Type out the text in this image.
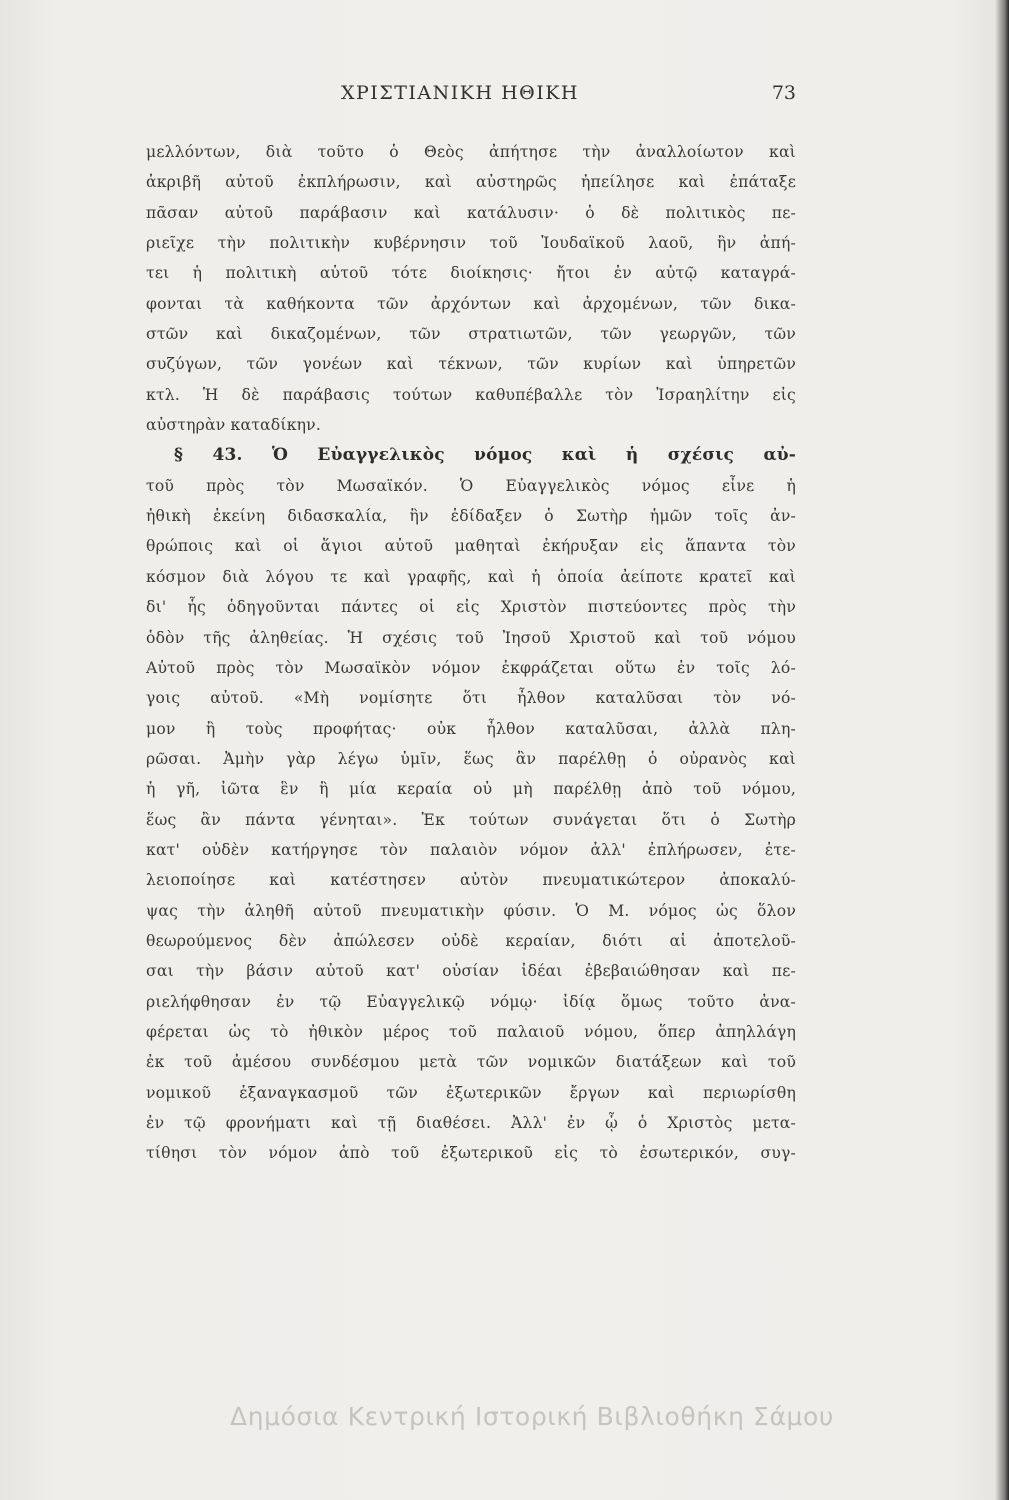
ΧΡΙΣΤΙΑΝΙΚΗ ΗΘΙΚΗ	73
μελλόντων, διὰ τοῦτο ὁ Θεὸς ἀπήτησε τὴν ἀναλλοίωτον καὶ
ἀκριβῆ αὐτοῦ ἐκπλήρωσιν, καὶ αὐστηρῶς ἠπείλησε καὶ ἐπάταξε
πᾶσαν αὐτοῦ παράβασιν καὶ κατάλυσιν· ὁ δὲ πολιτικὸς πε-
ριεῖχε τὴν πολιτικὴν κυβέρνησιν τοῦ Ἰουδαϊκοῦ λαοῦ, ἣν ἀπή-
τει ἡ πολιτικὴ αὐτοῦ τότε διοίκησις· ἤτοι ἐν αὐτῷ καταγρά-
φονται τὰ καθήκοντα τῶν ἀρχόντων καὶ ἀρχομένων, τῶν δικα-
στῶν καὶ δικαζομένων, τῶν στρατιωτῶν, τῶν γεωργῶν, τῶν
συζύγων, τῶν γονέων καὶ τέκνων, τῶν κυρίων καὶ ὑπηρετῶν
κτλ. Ἡ δὲ παράβασις τούτων καθυπέβαλλε τὸν Ἰσραηλίτην εἰς
αὐστηρὰν καταδίκην.
§ 43. Ὁ Εὐαγγελικὸς νόμος καὶ ἡ σχέσις αὐ-
τοῦ πρὸς τὸν Μωσαϊκόν. Ὁ Εὐαγγελικὸς νόμος εἶνε ἡ
ἠθικὴ ἐκείνη διδασκαλία, ἣν ἐδίδαξεν ὁ Σωτὴρ ἡμῶν τοῖς ἀν-
θρώποις καὶ οἱ ἅγιοι αὐτοῦ μαθηταὶ ἐκήρυξαν εἰς ἅπαντα τὸν
κόσμον διὰ λόγου τε καὶ γραφῆς, καὶ ἡ ὁποία ἀείποτε κρατεῖ καὶ
δι' ἧς ὁδηγοῦνται πάντες οἱ εἰς Χριστὸν πιστεύοντες πρὸς τὴν
ὁδὸν τῆς ἀληθείας. Ἡ σχέσις τοῦ Ἰησοῦ Χριστοῦ καὶ τοῦ νόμου
Αὐτοῦ πρὸς τὸν Μωσαϊκὸν νόμον ἐκφράζεται οὕτω ἐν τοῖς λό-
γοις αὐτοῦ. «Μὴ νομίσητε ὅτι ἦλθον καταλῦσαι τὸν νό-
μον ἢ τοὺς προφήτας· οὐκ ἦλθον καταλῦσαι, ἀλλὰ πλη-
ρῶσαι. Ἀμὴν γὰρ λέγω ὑμῖν, ἕως ἂν παρέλθῃ ὁ οὐρανὸς καὶ
ἡ γῆ, ἰῶτα ἓν ἢ μία κεραία οὐ μὴ παρέλθῃ ἀπὸ τοῦ νόμου,
ἕως ἂν πάντα γένηται». Ἐκ τούτων συνάγεται ὅτι ὁ Σωτὴρ
κατ' οὐδὲν κατήργησε τὸν παλαιὸν νόμον ἀλλ' ἐπλήρωσεν, ἐτε-
λειοποίησε καὶ κατέστησεν αὐτὸν πνευματικώτερον ἀποκαλύ-
ψας τὴν ἀληθῆ αὐτοῦ πνευματικὴν φύσιν. Ὁ Μ. νόμος ὡς ὅλον
θεωρούμενος δὲν ἀπώλεσεν οὐδὲ κεραίαν, διότι αἱ ἀποτελοῦ-
σαι τὴν βάσιν αὐτοῦ κατ' οὐσίαν ἰδέαι ἐβεβαιώθησαν καὶ πε-
ριελήφθησαν ἐν τῷ Εὐαγγελικῷ νόμῳ· ἰδίᾳ ὅμως τοῦτο ἀνα-
φέρεται ὡς τὸ ἠθικὸν μέρος τοῦ παλαιοῦ νόμου, ὅπερ ἀπηλλάγη
ἐκ τοῦ ἀμέσου συνδέσμου μετὰ τῶν νομικῶν διατάξεων καὶ τοῦ
νομικοῦ ἐξαναγκασμοῦ τῶν ἐξωτερικῶν ἔργων καὶ περιωρίσθη
ἐν τῷ φρονήματι καὶ τῇ διαθέσει. Ἀλλ' ἐν ᾧ ὁ Χριστὸς μετα-
τίθησι τὸν νόμον ἀπὸ τοῦ ἐξωτερικοῦ εἰς τὸ ἐσωτερικόν, συγ-
Δημόσια Κεντρική Ιστορική Βιβλιοθήκη Σάμου
